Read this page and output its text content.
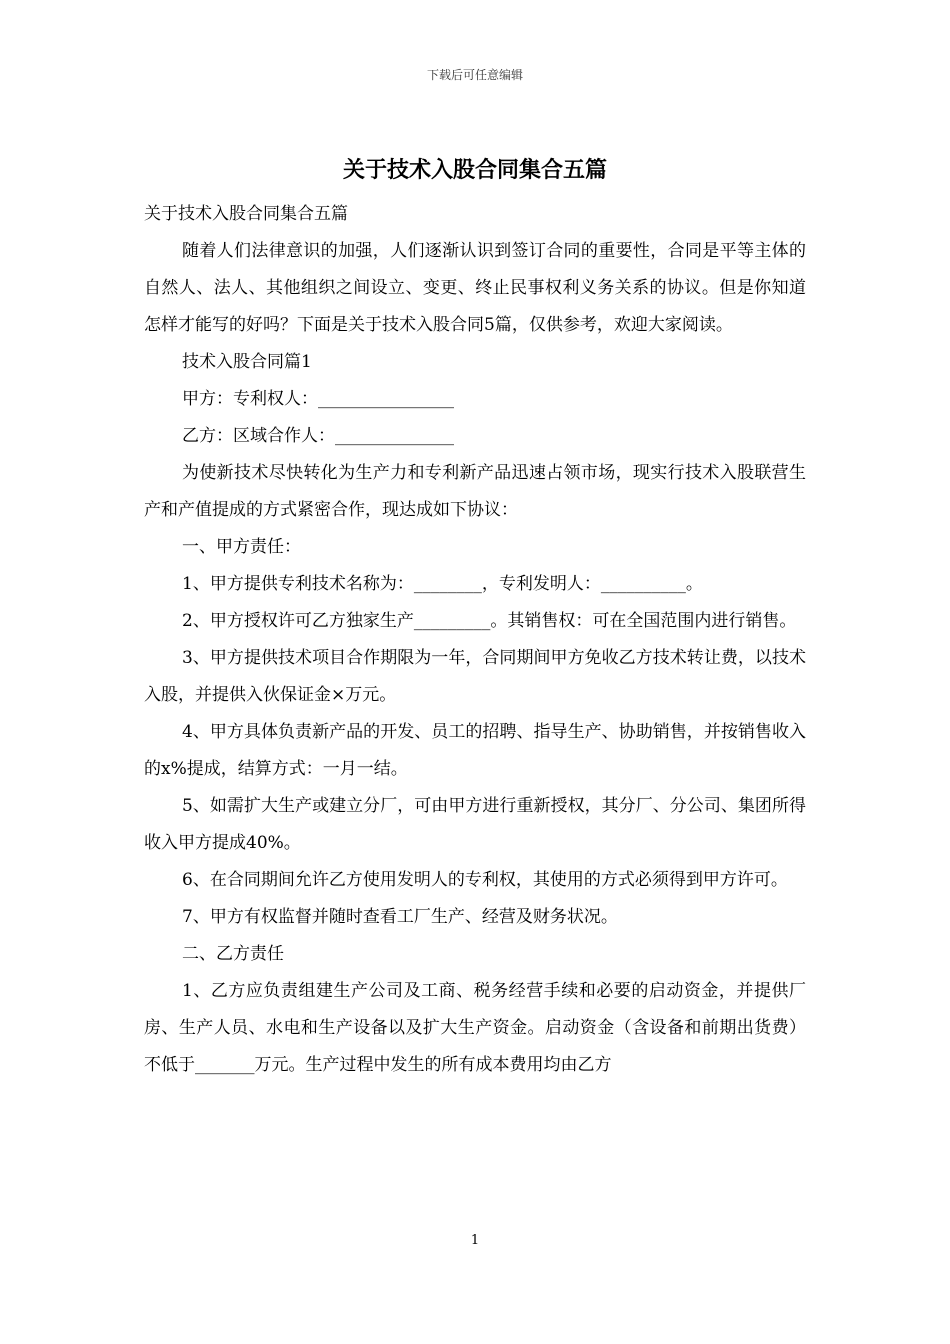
下载后可任意编辑
关于技术入股合同集合五篇

关于技术入股合同集合五篇

随着人们法律意识的加强，人们逐渐认识到签订合同的重要性，合同是平等主体的自然人、法人、其他组织之间设立、变更、终止民事权利义务关系的协议。但是你知道怎样才能写的好吗？下面是关于技术入股合同5篇，仅供参考，欢迎大家阅读。

技术入股合同篇1

甲方：专利权人：________________

乙方：区域合作人：______________

为使新技术尽快转化为生产力和专利新产品迅速占领市场，现实行技术入股联营生产和产值提成的方式紧密合作，现达成如下协议：

一、甲方责任：

1、甲方提供专利技术名称为：________，专利发明人：__________。

2、甲方授权许可乙方独家生产_________。其销售权：可在全国范围内进行销售。

3、甲方提供技术项目合作期限为一年，合同期间甲方免收乙方技术转让费，以技术入股，并提供入伙保证金×万元。

4、甲方具体负责新产品的开发、员工的招聘、指导生产、协助销售，并按销售收入的x%提成，结算方式：一月一结。

5、如需扩大生产或建立分厂，可由甲方进行重新授权，其分厂、分公司、集团所得收入甲方提成40%。

6、在合同期间允许乙方使用发明人的专利权，其使用的方式必须得到甲方许可。

7、甲方有权监督并随时查看工厂生产、经营及财务状况。

二、乙方责任

1、乙方应负责组建生产公司及工商、税务经营手续和必要的启动资金，并提供厂房、生产人员、水电和生产设备以及扩大生产资金。启动资金（含设备和前期出货费）不低于_______万元。生产过程中发生的所有成本费用均由乙方

1
